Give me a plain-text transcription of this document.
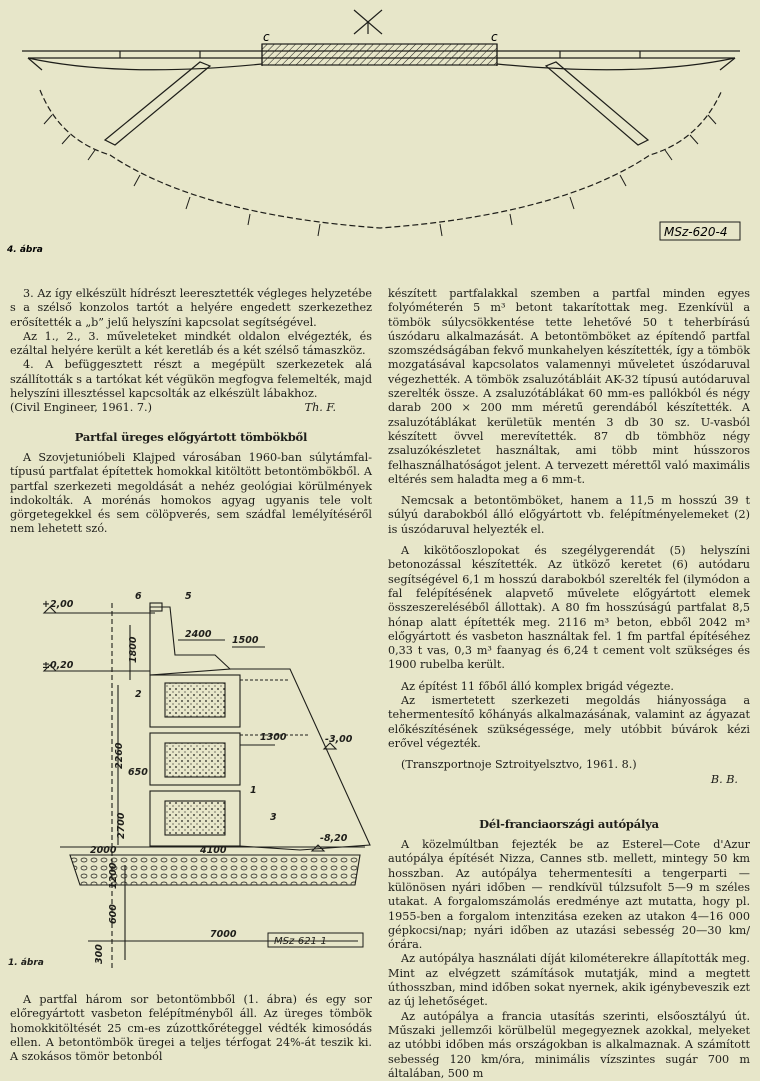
c	c
MSz-620-4
4. ábra

3. Az így elkészült hídrészt leeresztették végleges helyzetébe s a szélső konzolos tartót a helyére engedett szerkezethez erősítették a „b” jelű helyszíni kapcsolat segítségével.

Az 1., 2., 3. műveleteket mindkét oldalon elvégezték, és ezáltal helyére került a két keretláb és a két szélső támaszköz.

4. A befüggesztett részt a megépült szerkezetek alá szállították s a tartókat két végükön megfogva felemelték, majd helyszíni illesztéssel kapcsolták az elkészült lábakhoz.

(Civil Engineer, 1961. 7.)	Th. F.

Partfal üreges előgyártott tömbökből

A Szovjetunióbeli Klajped városában 1960-ban súlytámfal-típusú partfalat építettek homokkal kitöltött betontömbökből. A partfal szerkezeti megoldását a nehéz geológiai körülmények indokolták. A morénás homokos agyag ugyanis tele volt görgetegekkel és sem cölöpverés, sem szádfal lemélyítéséről nem lehetett szó.

+2,00
±0,20
6	5
2400
1500
1800
2
2260
1300	-3,00
650
2700	3
1
2000	4100
1200
-8,20
600
7000
300
1. ábra
MSz-621-1

A partfal három sor betontömbből (1. ábra) és egy sor előregyártott vasbeton felépítményből áll. Az üreges tömbök homokkitöltését 25 cm-es zúzottkőréteggel védték kimosódás ellen. A betontömbök üregei a teljes térfogat 24%-át teszik ki. A szokásos tömör betonból

készített partfalakkal szemben a partfal minden egyes folyóméterén 5 m³ betont takarítottak meg. Ezenkívül a tömbök súlycsökkentése tette lehetővé 50 t teherbírású úszódaru alkalmazását. A betontömböket az építendő partfal szomszédságában fekvő munkahelyen készítették, így a tömbök mozgatásával kapcsolatos valamennyi műveletet úszódaruval végezhették. A tömbök zsaluzótábláit AK-32 típusú autódaruval szerelték össze. A zsaluzótáblákat 60 mm-es pallókból és négy darab 200 × 200 mm méretű gerendából készítették. A zsaluzótáblákat kerületük mentén 3 db 30 sz. U-vasból készített övvel merevítették. 87 db tömbhöz négy zsaluzókészletet használtak, ami több mint hússzoros felhasználhatóságot jelent. A tervezett mérettől való maximális eltérés sem haladta meg a 6 mm-t.

Nemcsak a betontömböket, hanem a 11,5 m hosszú 39 t súlyú darabokból álló előgyártott vb. felépítményelemeket (2) is úszódaruval helyezték el.

A kikötőoszlopokat és szegélygerendát (5) helyszíni betonozással készítették. Az ütköző keretet (6) autódaru segítségével 6,1 m hosszú darabokból szerelték fel (ilymódon a fal felépítésének alapvető művelete előgyártott elemek összeszereléséből állottak). A 80 fm hosszúságú partfalat 8,5 hónap alatt építették meg. 2116 m³ beton, ebből 2042 m³ előgyártott és vasbeton használtak fel. 1 fm partfal építéséhez 0,33 t vas, 0,3 m³ faanyag és 6,24 t cement volt szükséges és 1900 rubelba került.

Az építést 11 főből álló komplex brigád végezte.

Az ismertetett szerkezeti megoldás hiányossága a tehermentesítő kőhányás alkalmazásának, valamint az ágyazat előkészítésének szükségessége, mely utóbbit búvárok kézi erővel végezték.

(Transzportnoje Sztroityelsztvo, 1961. 8.)

B. B.

Dél-franciaországi autópálya

A közelmúltban fejezték be az Esterel—Cote d'Azur autópálya építését Nizza, Cannes stb. mellett, mintegy 50 km hosszban. Az autópálya tehermentesíti a tengerparti — különösen nyári időben — rendkívül túlzsufolt 5—9 m széles utakat. A forgalomszámolás eredménye azt mutatta, hogy pl. 1955-ben a forgalom intenzitása ezeken az utakon 4—16 000 gépkocsi/nap; nyári időben az utazási sebesség 20—30 km/órára.

Az autópálya használati díját kilométerekre állapították meg. Mint az elvégzett számítások mutatják, mind a megtett úthosszban, mind időben sokat nyernek, akik igénybeveszik ezt az új lehetőséget.

Az autópálya a francia utasítás szerinti, elsőosztályú út. Műszaki jellemzői körülbelül megegyeznek azokkal, melyeket az utóbbi időben más országokban is alkalmaznak. A számított sebesség 120 km/óra, minimális vízszintes sugár 700 m általában, 500 m
